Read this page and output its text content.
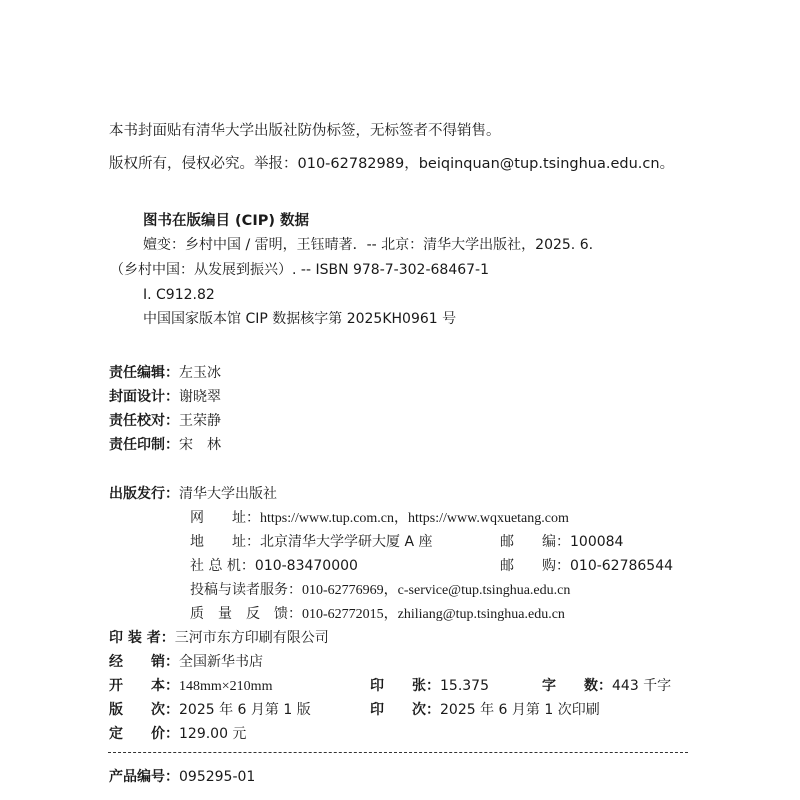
本书封面贴有清华大学出版社防伪标签，无标签者不得销售。
版权所有，侵权必究。举报：010-62782989，beiqinquan@tup.tsinghua.edu.cn。
图书在版编目 (CIP) 数据
嬗变：乡村中国 / 雷明，王钰晴著．-- 北京：清华大学出版社，2025. 6.
（乡村中国：从发展到振兴）. -- ISBN 978-7-302-68467-1
Ⅰ. C912.82
中国国家版本馆 CIP 数据核字第 2025KH0961 号
责任编辑：左玉冰
封面设计：谢晓翠
责任校对：王荣静
责任印制：宋　林
出版发行：清华大学出版社
网　　址：https://www.tup.com.cn，https://www.wqxuetang.com
地　　址：北京清华大学学研大厦 A 座	邮　　编：100084
社 总 机：010-83470000	邮　　购：010-62786544
投稿与读者服务：010-62776969，c-service@tup.tsinghua.edu.cn
质　量　反　馈：010-62772015，zhiliang@tup.tsinghua.edu.cn
印 装 者：三河市东方印刷有限公司
经　　销：全国新华书店
开　　本：148mm×210mm	印　　张：15.375	字　　数：443 千字
版　　次：2025 年 6 月第 1 版	印　　次：2025 年 6 月第 1 次印刷
定　　价：129.00 元
产品编号：095295-01
